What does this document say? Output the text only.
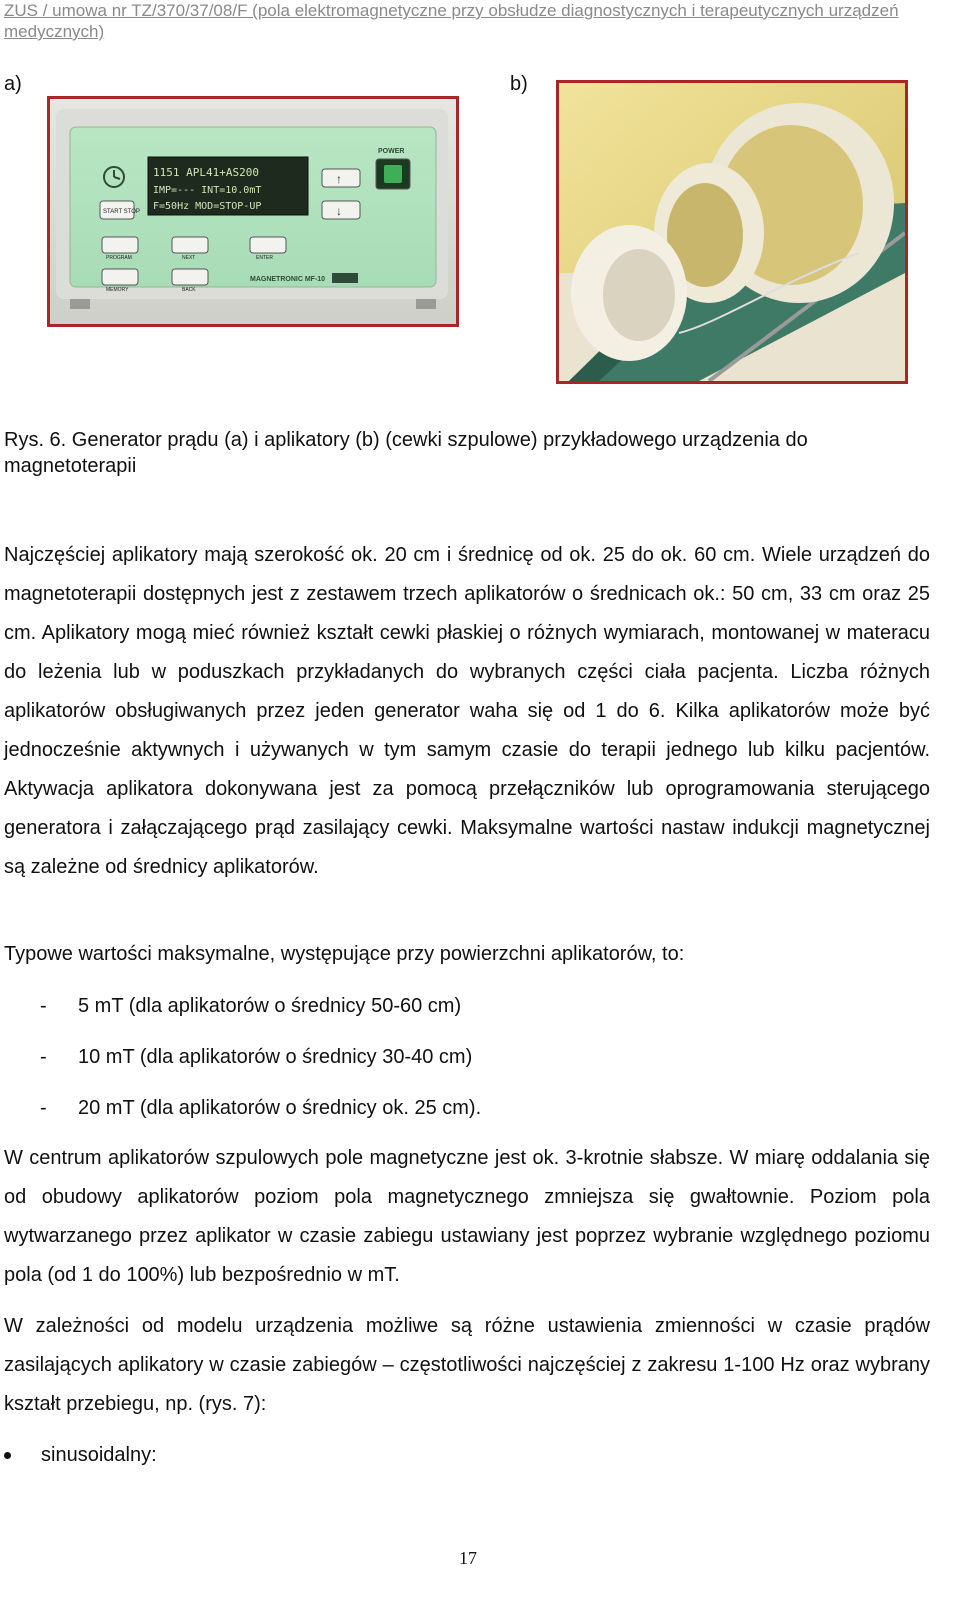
ZUS / umowa nr TZ/370/37/08/F (pola elektromagnetyczne przy obsłudze diagnostycznych i terapeutycznych urządzeń medycznych)
a)	b)
1151 APL41+AS200
IMP=--- INT=10.0mT
F=50Hz MOD=STOP-UP
POWER
↑
↓
START STOP
PROGRAM	NEXT	ENTER
MEMORY	BACK
MAGNETRONIC MF-10
Rys. 6. Generator prądu (a) i aplikatory (b) (cewki szpulowe) przykładowego urządzenia do magnetoterapii
Najczęściej aplikatory mają szerokość ok. 20 cm i średnicę od ok. 25 do ok. 60 cm. Wiele urządzeń do magnetoterapii dostępnych jest z zestawem trzech aplikatorów o średnicach ok.: 50 cm, 33 cm oraz 25 cm. Aplikatory mogą mieć również kształt cewki płaskiej o różnych wymiarach, montowanej w materacu do leżenia lub w poduszkach przykładanych do wybranych części ciała pacjenta. Liczba różnych aplikatorów obsługiwanych przez jeden generator waha się od 1 do 6. Kilka aplikatorów może być jednocześnie aktywnych i używanych w tym samym czasie do terapii jednego lub kilku pacjentów. Aktywacja aplikatora dokonywana jest za pomocą przełączników lub oprogramowania sterującego generatora i załączającego prąd zasilający cewki. Maksymalne wartości nastaw indukcji magnetycznej są zależne od średnicy aplikatorów.
Typowe wartości maksymalne, występujące przy powierzchni aplikatorów, to:
- 5 mT (dla aplikatorów o średnicy 50-60 cm)
- 10 mT (dla aplikatorów o średnicy 30-40 cm)
- 20 mT (dla aplikatorów o średnicy ok. 25 cm).
W centrum aplikatorów szpulowych pole magnetyczne jest ok. 3-krotnie słabsze. W miarę oddalania się od obudowy aplikatorów poziom pola magnetycznego zmniejsza się gwałtownie. Poziom pola wytwarzanego przez aplikator w czasie zabiegu ustawiany jest poprzez wybranie względnego poziomu pola (od 1 do 100%) lub bezpośrednio w mT.
W zależności od modelu urządzenia możliwe są różne ustawienia zmienności w czasie prądów zasilających aplikatory w czasie zabiegów – częstotliwości najczęściej z zakresu 1-100 Hz oraz wybrany kształt przebiegu, np. (rys. 7):
sinusoidalny:
17
